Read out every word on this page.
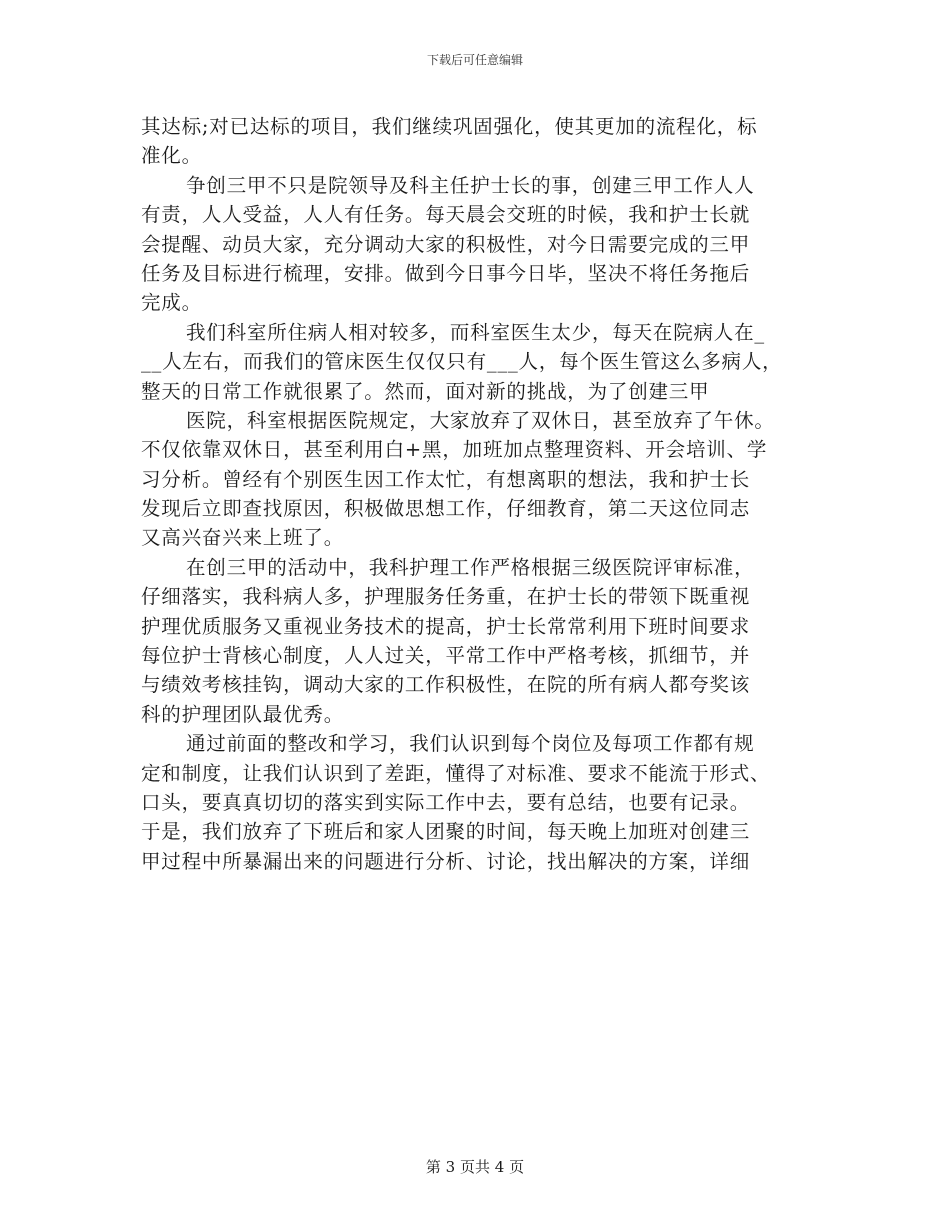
下载后可任意编辑
其达标;对已达标的项目，我们继续巩固强化，使其更加的流程化，标
准化。
争创三甲不只是院领导及科主任护士长的事，创建三甲工作人人
有责，人人受益，人人有任务。每天晨会交班的时候，我和护士长就
会提醒、动员大家，充分调动大家的积极性，对今日需要完成的三甲
任务及目标进行梳理，安排。做到今日事今日毕，坚决不将任务拖后
完成。
我们科室所住病人相对较多，而科室医生太少，每天在院病人在_
__人左右，而我们的管床医生仅仅只有___人，每个医生管这么多病人，
整天的日常工作就很累了。然而，面对新的挑战，为了创建三甲
医院，科室根据医院规定，大家放弃了双休日，甚至放弃了午休。
不仅依靠双休日，甚至利用白+黑，加班加点整理资料、开会培训、学
习分析。曾经有个别医生因工作太忙，有想离职的想法，我和护士长
发现后立即查找原因，积极做思想工作，仔细教育，第二天这位同志
又高兴奋兴来上班了。
在创三甲的活动中，我科护理工作严格根据三级医院评审标准，
仔细落实，我科病人多，护理服务任务重，在护士长的带领下既重视
护理优质服务又重视业务技术的提高，护士长常常利用下班时间要求
每位护士背核心制度，人人过关，平常工作中严格考核，抓细节，并
与绩效考核挂钩，调动大家的工作积极性，在院的所有病人都夸奖该
科的护理团队最优秀。
通过前面的整改和学习，我们认识到每个岗位及每项工作都有规
定和制度，让我们认识到了差距，懂得了对标准、要求不能流于形式、
口头，要真真切切的落实到实际工作中去，要有总结，也要有记录。
于是，我们放弃了下班后和家人团聚的时间，每天晚上加班对创建三
甲过程中所暴漏出来的问题进行分析、讨论，找出解决的方案，详细
第 3 页共 4 页
